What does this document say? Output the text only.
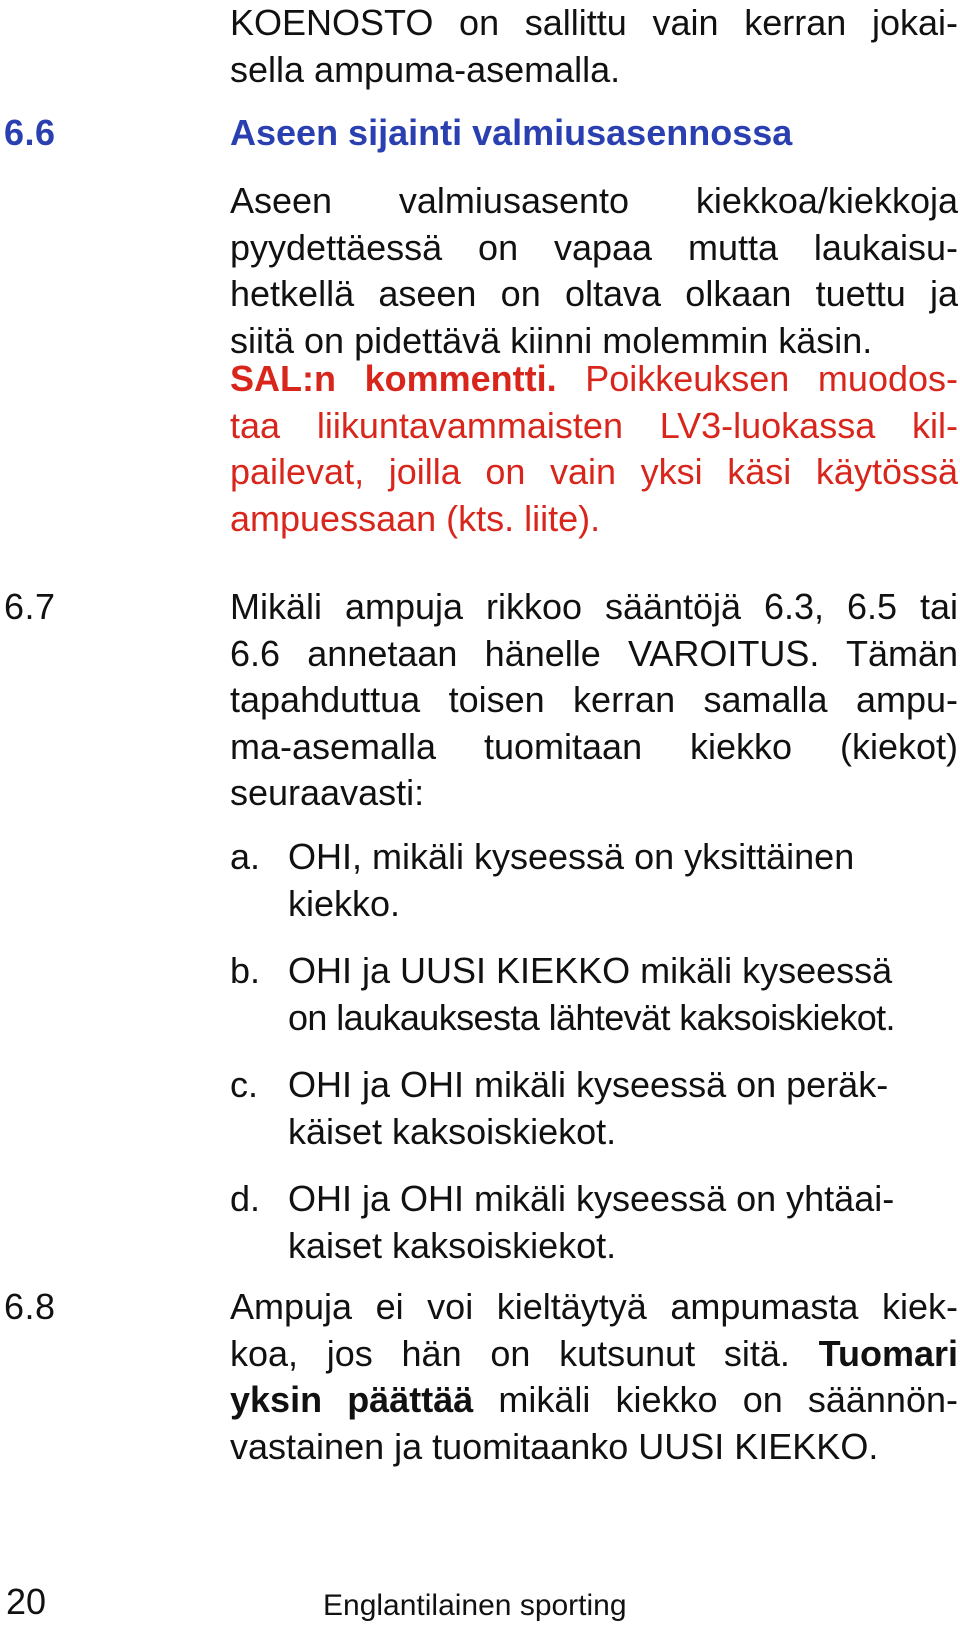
KOENOSTO on sallittu vain kerran jokai-
sella ampuma-asemalla.
6.6	Aseen sijainti valmiusasennossa
Aseen valmiusasento kiekkoa/kiekkoja
pyydettäessä on vapaa mutta laukaisu-
hetkellä aseen on oltava olkaan tuettu ja
siitä on pidettävä kiinni molemmin käsin.
SAL:n kommentti. Poikkeuksen muodos-
taa liikuntavammaisten LV3-luokassa kil-
pailevat, joilla on vain yksi käsi käytössä
ampuessaan (kts. liite).
6.7	Mikäli ampuja rikkoo sääntöjä 6.3, 6.5 tai
6.6 annetaan hänelle VAROITUS. Tämän
tapahduttua toisen kerran samalla ampu-
ma-asemalla tuomitaan kiekko (kiekot)
seuraavasti:
a. OHI, mikäli kyseessä on yksittäinen
kiekko.
b. OHI ja UUSI KIEKKO mikäli kyseessä
on laukauksesta lähtevät kaksoiskiekot.
c. OHI ja OHI mikäli kyseessä on peräk-
käiset kaksoiskiekot.
d. OHI ja OHI mikäli kyseessä on yhtäai-
kaiset kaksoiskiekot.
6.8	Ampuja ei voi kieltäytyä ampumasta kiek-
koa, jos hän on kutsunut sitä. Tuomari
yksin päättää mikäli kiekko on säännön-
vastainen ja tuomitaanko UUSI KIEKKO.
20	Englantilainen sporting
